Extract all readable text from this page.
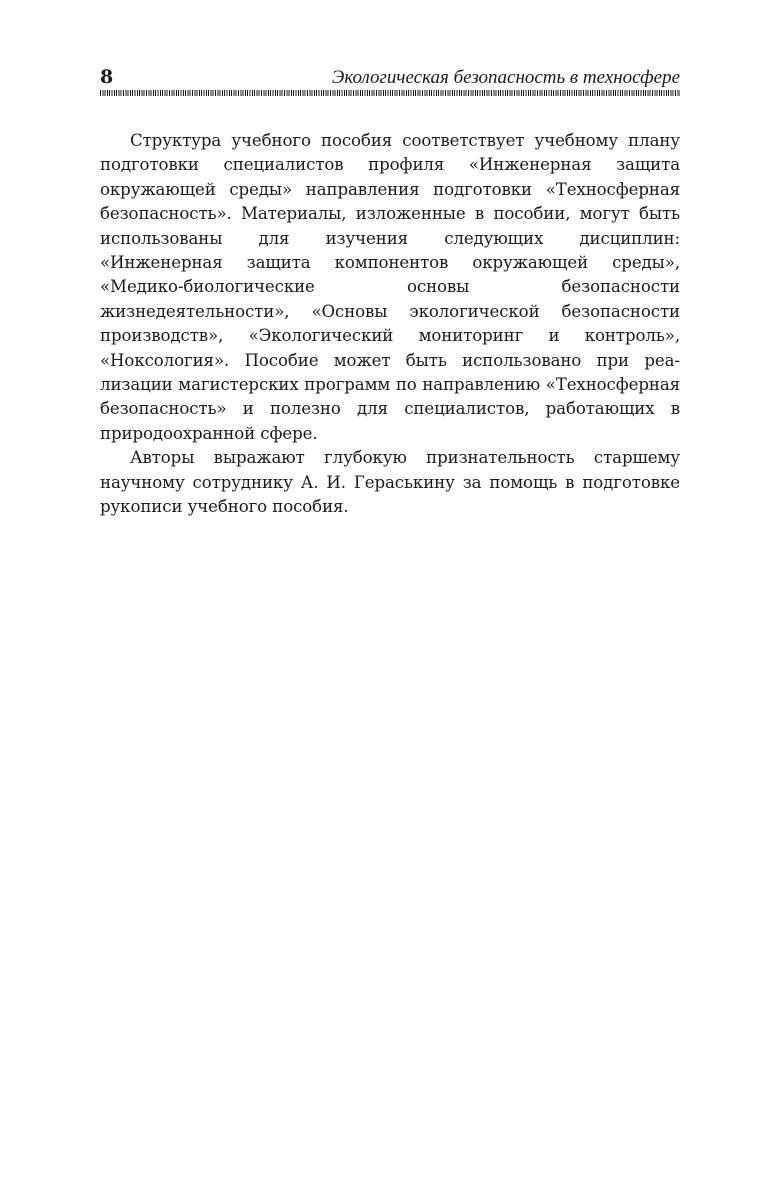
8	Экологическая безопасность в техносфере

Структура учебного пособия соответствует учебному плану подготовки специалистов профиля «Инженерная защита окружающей среды» направления подготовки «Техносферная безопасность». Материалы, изложенные в пособии, могут быть использованы для изучения следующих дисциплин: «Инженерная защита компонентов окружающей среды», «Медико-биологические основы безопасности жизнедеятельности», «Основы экологической безопасности производств», «Экологический мониторинг и контроль», «Ноксология». Пособие может быть использовано при реализации магистерских программ по направлению «Техносферная безопасность» и полезно для специалистов, работающих в природоохранной сфере.

Авторы выражают глубокую признательность старшему научному сотруднику А. И. Гераськину за помощь в подготовке рукописи учебного пособия.
